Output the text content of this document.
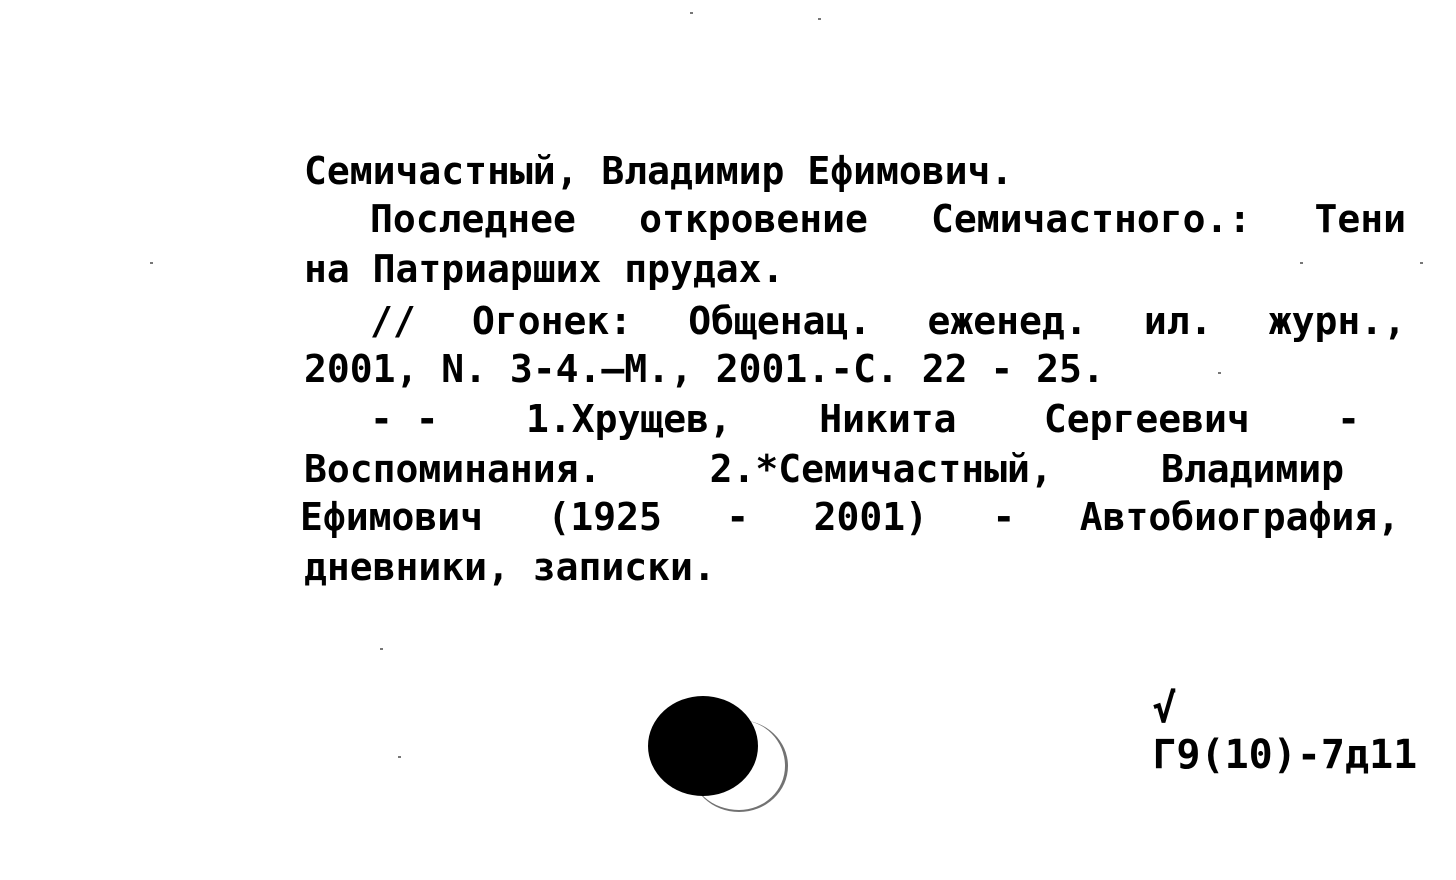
Семичастный, Владимир Ефимович.
Последнее откровение Семичастного.: Тени
на Патриарших прудах.
// Огонек: Общенац. еженед. ил. журн.,
2001, N. 3-4.—М., 2001.-С. 22 - 25.
- - 1.Хрущев, Никита Сергеевич -
Воспоминания.	2.*Семичастный,	Владимир
Ефимович (1925 - 2001) - Автобиография,
дневники, записки.

√
Г9(10)-7д11
